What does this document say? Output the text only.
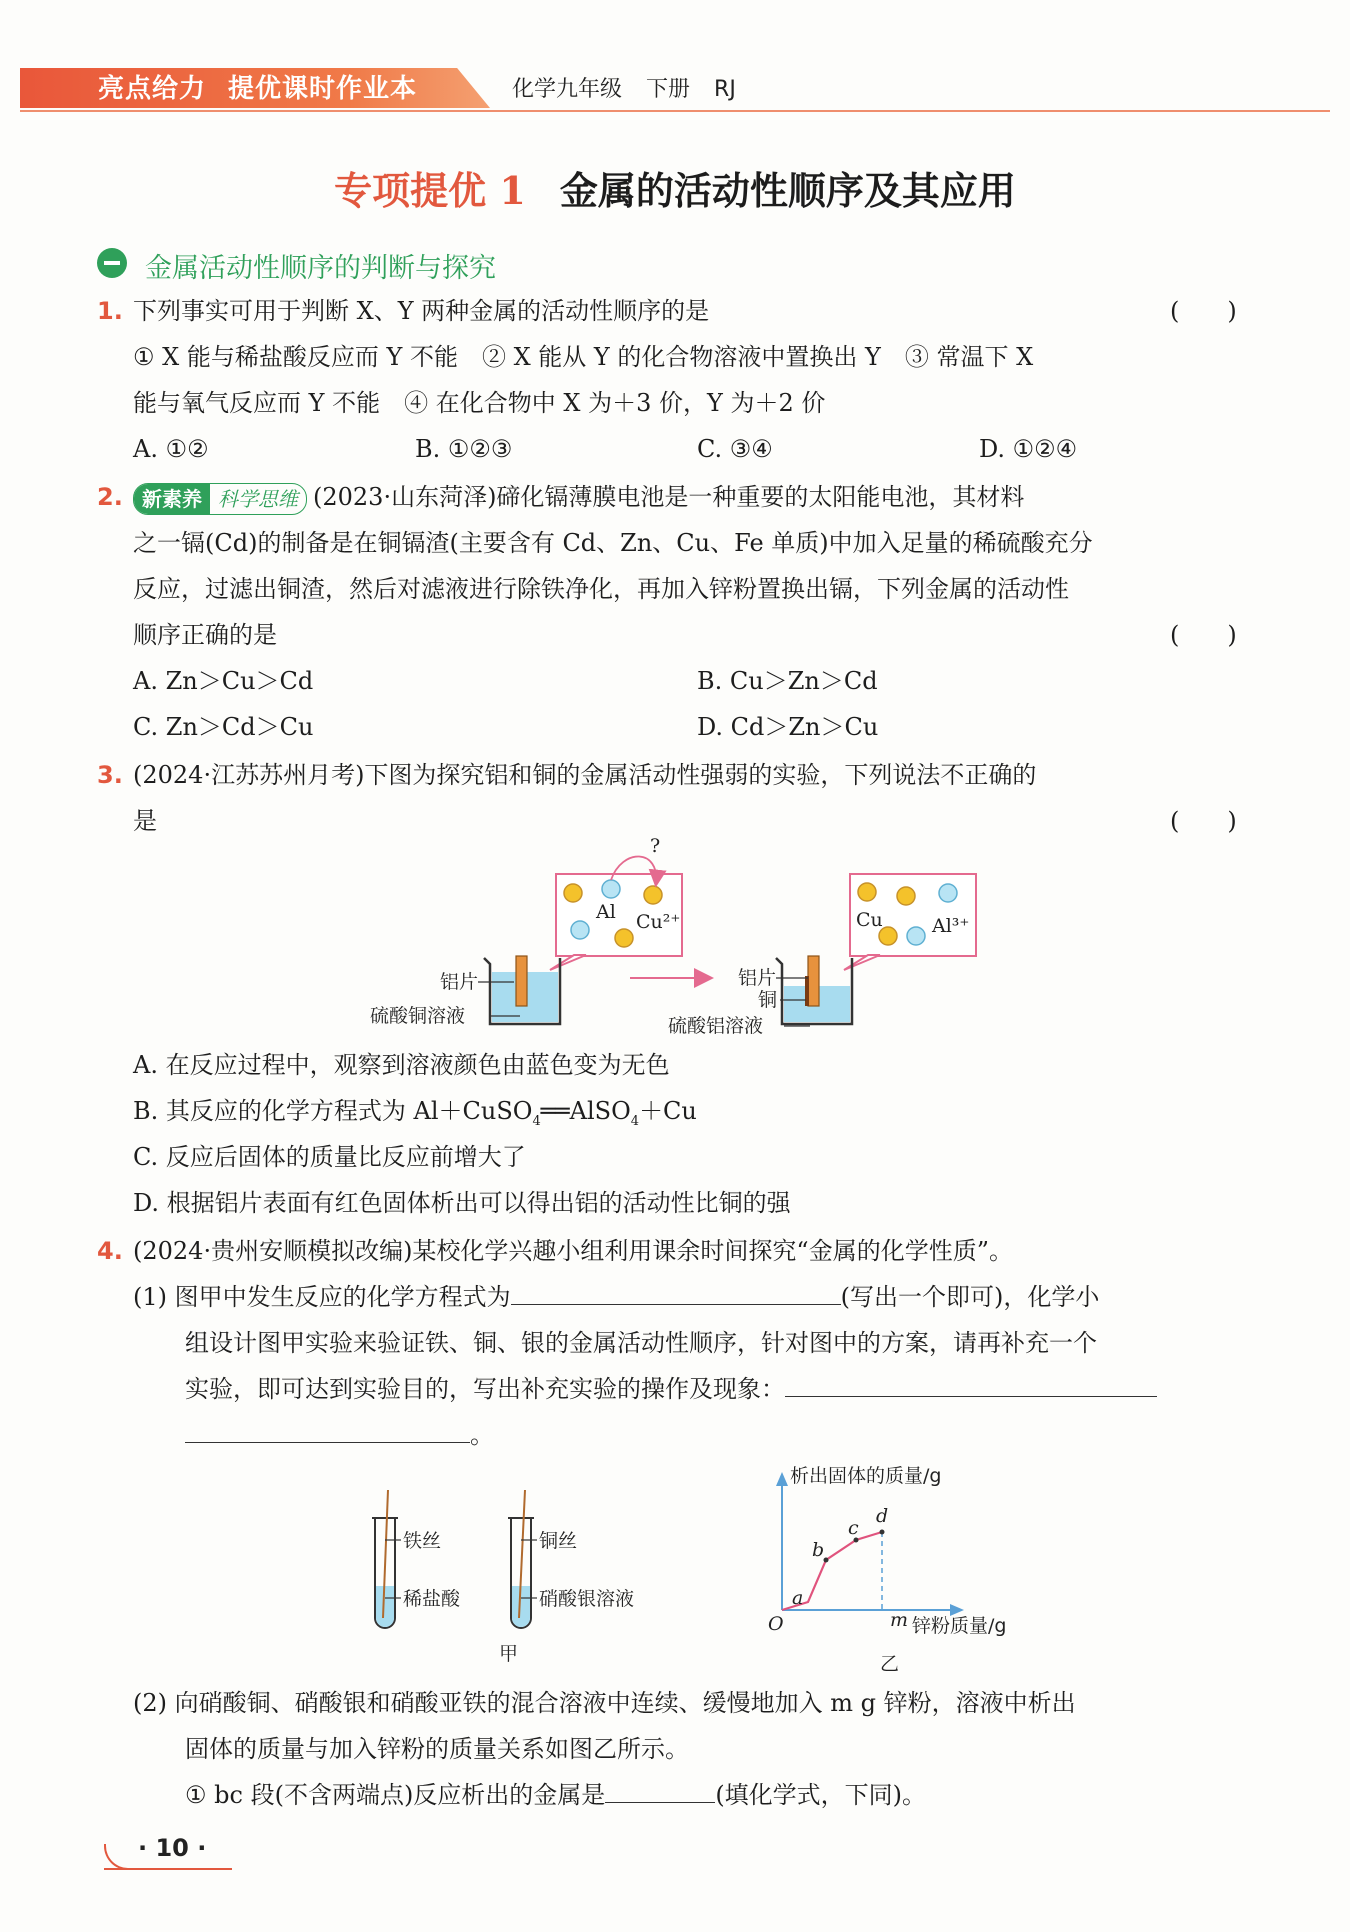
亮点给力 提优课时作业本	化学九年级 下册 RJ
专项提优 1 金属的活动性顺序及其应用
金属活动性顺序的判断与探究
1. 下列事实可用于判断 X、Y 两种金属的活动性顺序的是	(　　)
① X 能与稀盐酸反应而 Y 不能　② X 能从 Y 的化合物溶液中置换出 Y　③ 常温下 X
能与氧气反应而 Y 不能　④ 在化合物中 X 为＋3 价，Y 为＋2 价
A. ①②	B. ①②③	C. ③④	D. ①②④
2. 新素养 科学思维 (2023·山东菏泽)碲化镉薄膜电池是一种重要的太阳能电池，其材料
之一镉(Cd)的制备是在铜镉渣(主要含有 Cd、Zn、Cu、Fe 单质)中加入足量的稀硫酸充分
反应，过滤出铜渣，然后对滤液进行除铁净化，再加入锌粉置换出镉，下列金属的活动性
顺序正确的是	(　　)
A. Zn＞Cu＞Cd	B. Cu＞Zn＞Cd
C. Zn＞Cd＞Cu	D. Cd＞Zn＞Cu
3. (2024·江苏苏州月考)下图为探究铝和铜的金属活动性强弱的实验，下列说法不正确的
是	(　　)
Al Cu²⁺
?
铝片
硫酸铜溶液
Cu	Al³⁺
铝片
铜
硫酸铝溶液
A. 在反应过程中，观察到溶液颜色由蓝色变为无色
B. 其反应的化学方程式为 Al＋CuSO$_4$══AlSO$_4$＋Cu
C. 反应后固体的质量比反应前增大了
D. 根据铝片表面有红色固体析出可以得出铝的活动性比铜的强
4. (2024·贵州安顺模拟改编)某校化学兴趣小组利用课余时间探究“金属的化学性质”。
(1) 图甲中发生反应的化学方程式为	(写出一个即可)，化学小
组设计图甲实验来验证铁、铜、银的金属活动性顺序，针对图中的方案，请再补充一个
实验，即可达到实验目的，写出补充实验的操作及现象：
。
铁丝
稀盐酸
铜丝
硝酸银溶液
甲
析出固体的质量/g
锌粉质量/g
a
b
c
d
O	m
乙
(2) 向硝酸铜、硝酸银和硝酸亚铁的混合溶液中连续、缓慢地加入 m g 锌粉，溶液中析出
固体的质量与加入锌粉的质量关系如图乙所示。
① bc 段(不含两端点)反应析出的金属是	(填化学式，下同)。
· 10 ·
